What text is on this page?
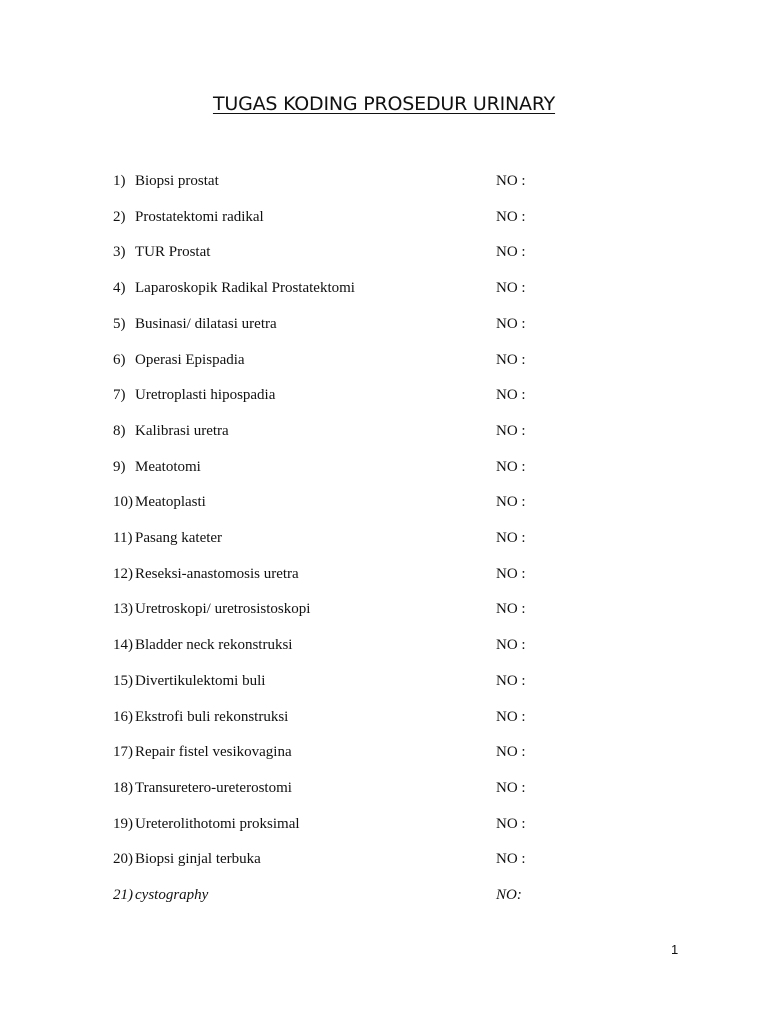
TUGAS KODING PROSEDUR URINARY
1) Biopsi prostat	NO :
2) Prostatektomi radikal	NO :
3) TUR Prostat	NO :
4) Laparoskopik Radikal Prostatektomi	NO :
5) Businasi/ dilatasi uretra	NO :
6) Operasi Epispadia	NO :
7) Uretroplasti hipospadia	NO :
8) Kalibrasi uretra	NO :
9) Meatotomi	NO :
10) Meatoplasti	NO :
11) Pasang kateter	NO :
12) Reseksi-anastomosis uretra	NO :
13) Uretroskopi/ uretrosistoskopi	NO :
14) Bladder neck rekonstruksi	NO :
15) Divertikulektomi buli	NO :
16) Ekstrofi buli rekonstruksi	NO :
17) Repair fistel vesikovagina	NO :
18) Transuretero-ureterostomi	NO :
19) Ureterolithotomi proksimal	NO :
20) Biopsi ginjal terbuka	NO :
21) cystography	NO:
1
